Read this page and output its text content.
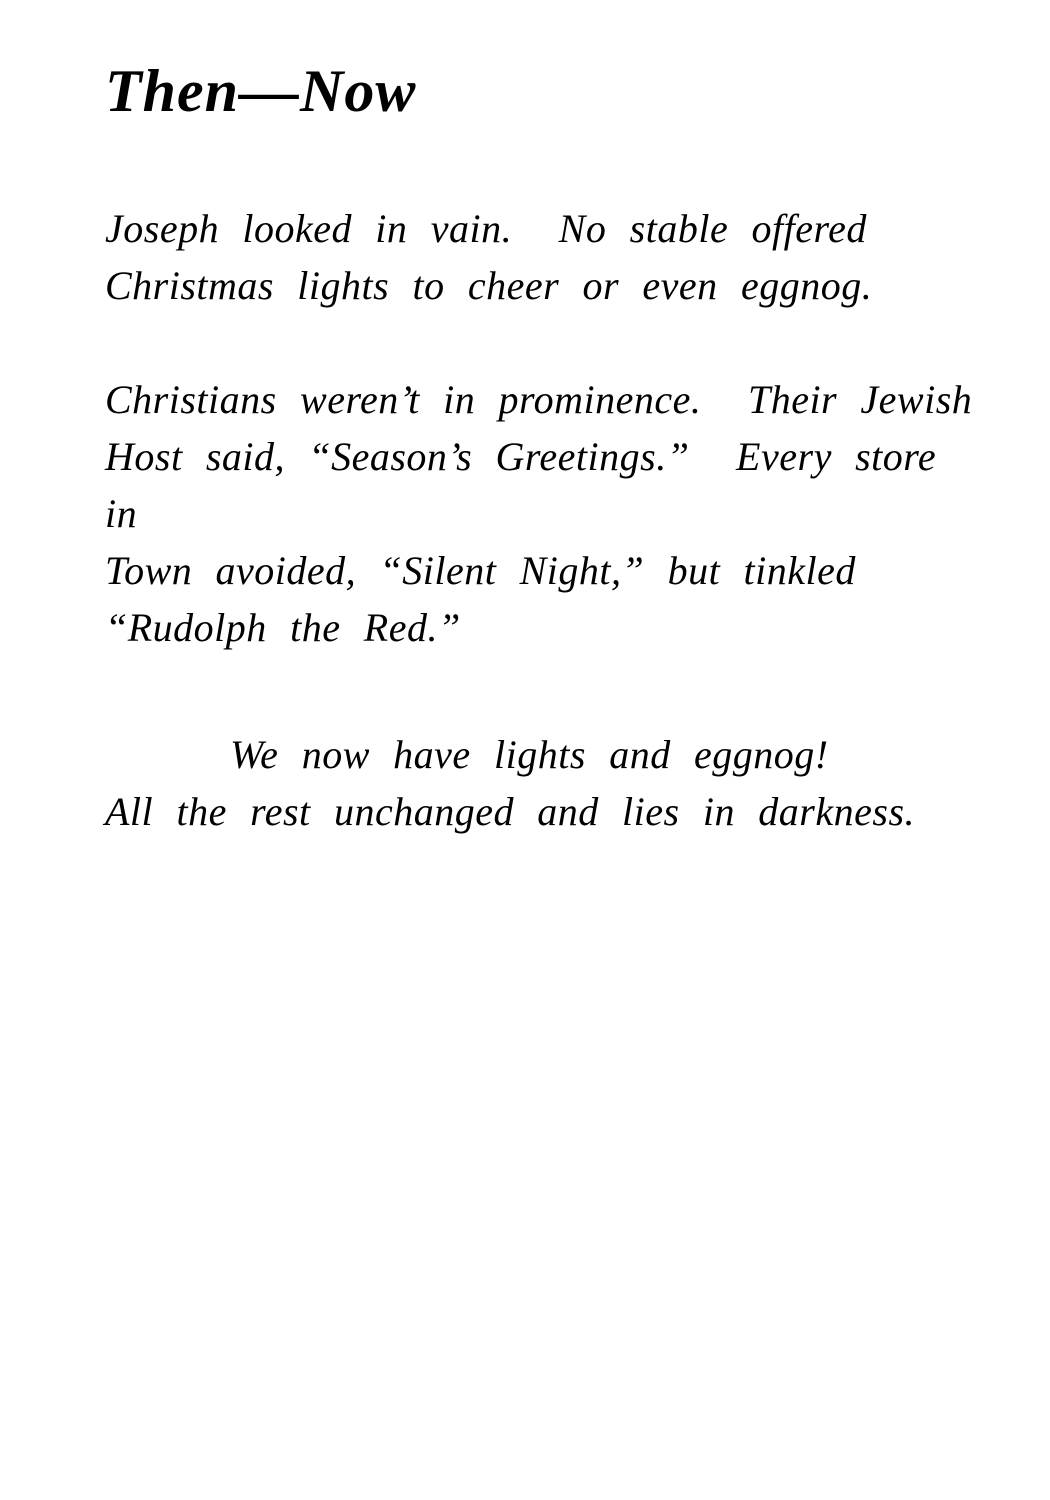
Then—Now
Joseph looked in vain.  No stable offered
Christmas lights to cheer or even eggnog.
Christians weren’t in prominence.  Their Jewish
Host said, “Season’s Greetings.”  Every store in
Town avoided, “Silent Night,” but tinkled
“Rudolph the Red.”
We now have lights and eggnog!
All the rest unchanged and lies in darkness.
